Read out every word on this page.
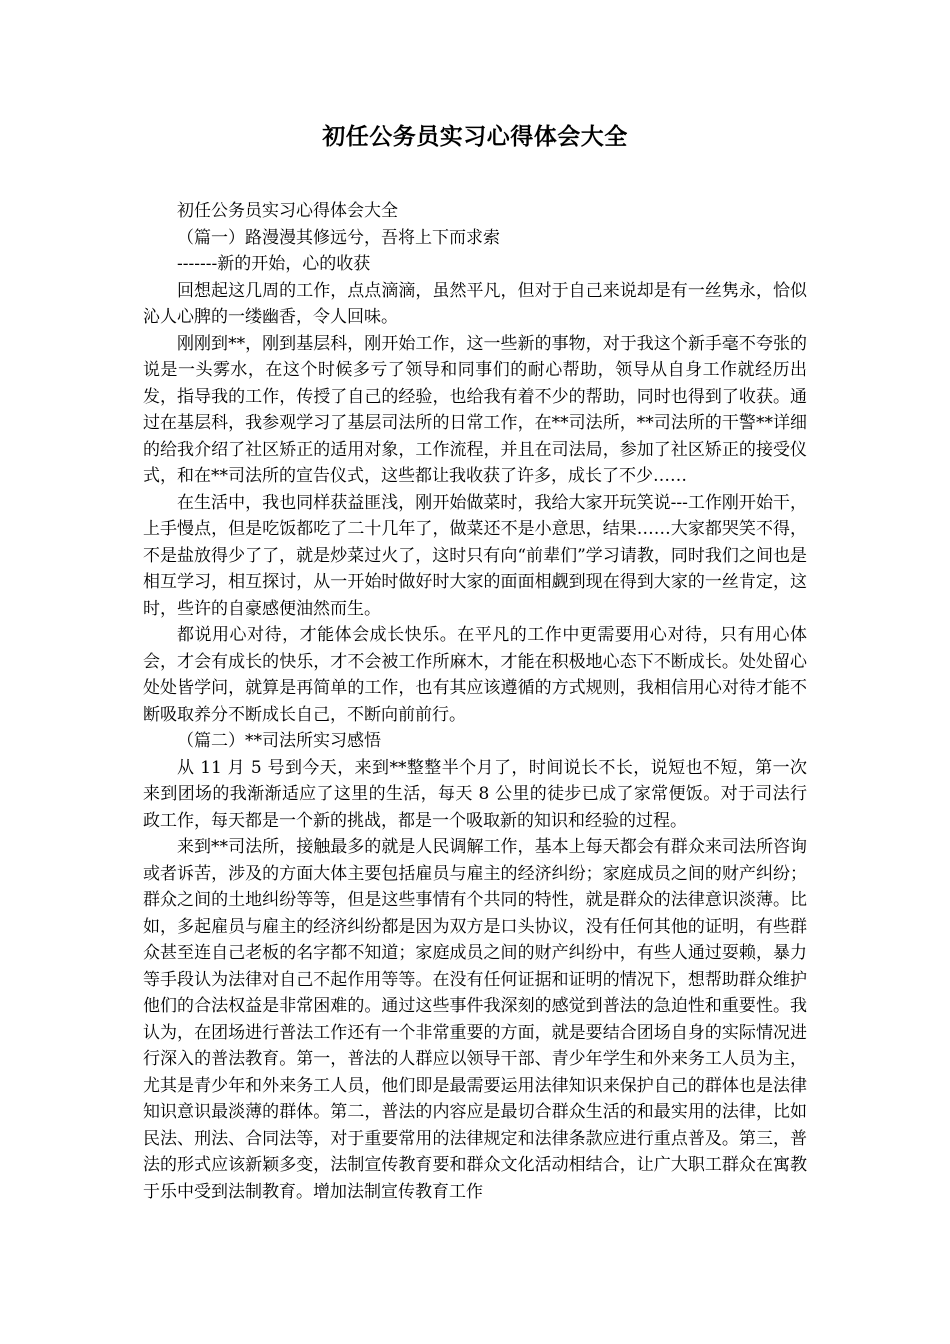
初任公务员实习心得体会大全

初任公务员实习心得体会大全

（篇一）路漫漫其修远兮，吾将上下而求索

-------新的开始，心的收获

回想起这几周的工作，点点滴滴，虽然平凡，但对于自己来说却是有一丝隽永，恰似沁人心脾的一缕幽香，令人回味。

刚刚到**，刚到基层科，刚开始工作，这一些新的事物，对于我这个新手毫不夸张的说是一头雾水，在这个时候多亏了领导和同事们的耐心帮助，领导从自身工作就经历出发，指导我的工作，传授了自己的经验，也给我有着不少的帮助，同时也得到了收获。通过在基层科，我参观学习了基层司法所的日常工作，在**司法所，**司法所的干警**详细的给我介绍了社区矫正的适用对象，工作流程，并且在司法局，参加了社区矫正的接受仪式，和在**司法所的宣告仪式，这些都让我收获了许多，成长了不少……

在生活中，我也同样获益匪浅，刚开始做菜时，我给大家开玩笑说---工作刚开始干，上手慢点，但是吃饭都吃了二十几年了，做菜还不是小意思，结果……大家都哭笑不得，不是盐放得少了了，就是炒菜过火了，这时只有向“前辈们”学习请教，同时我们之间也是相互学习，相互探讨，从一开始时做好时大家的面面相觑到现在得到大家的一丝肯定，这时，些许的自豪感便油然而生。

都说用心对待，才能体会成长快乐。在平凡的工作中更需要用心对待，只有用心体会，才会有成长的快乐，才不会被工作所麻木，才能在积极地心态下不断成长。处处留心处处皆学问，就算是再简单的工作，也有其应该遵循的方式规则，我相信用心对待才能不断吸取养分不断成长自己，不断向前前行。

（篇二）**司法所实习感悟

从 11 月 5 号到今天，来到**整整半个月了，时间说长不长，说短也不短，第一次来到团场的我渐渐适应了这里的生活，每天 8 公里的徒步已成了家常便饭。对于司法行政工作，每天都是一个新的挑战，都是一个吸取新的知识和经验的过程。

来到**司法所，接触最多的就是人民调解工作，基本上每天都会有群众来司法所咨询或者诉苦，涉及的方面大体主要包括雇员与雇主的经济纠纷；家庭成员之间的财产纠纷；群众之间的土地纠纷等等，但是这些事情有个共同的特性，就是群众的法律意识淡薄。比如，多起雇员与雇主的经济纠纷都是因为双方是口头协议，没有任何其他的证明，有些群众甚至连自己老板的名字都不知道；家庭成员之间的财产纠纷中，有些人通过耍赖，暴力等手段认为法律对自己不起作用等等。在没有任何证据和证明的情况下，想帮助群众维护他们的合法权益是非常困难的。通过这些事件我深刻的感觉到普法的急迫性和重要性。我认为，在团场进行普法工作还有一个非常重要的方面，就是要结合团场自身的实际情况进行深入的普法教育。第一，普法的人群应以领导干部、青少年学生和外来务工人员为主，尤其是青少年和外来务工人员，他们即是最需要运用法律知识来保护自己的群体也是法律知识意识最淡薄的群体。第二，普法的内容应是最切合群众生活的和最实用的法律，比如民法、刑法、合同法等，对于重要常用的法律规定和法律条款应进行重点普及。第三，普法的形式应该新颖多变，法制宣传教育要和群众文化活动相结合，让广大职工群众在寓教于乐中受到法制教育。增加法制宣传教育工作
